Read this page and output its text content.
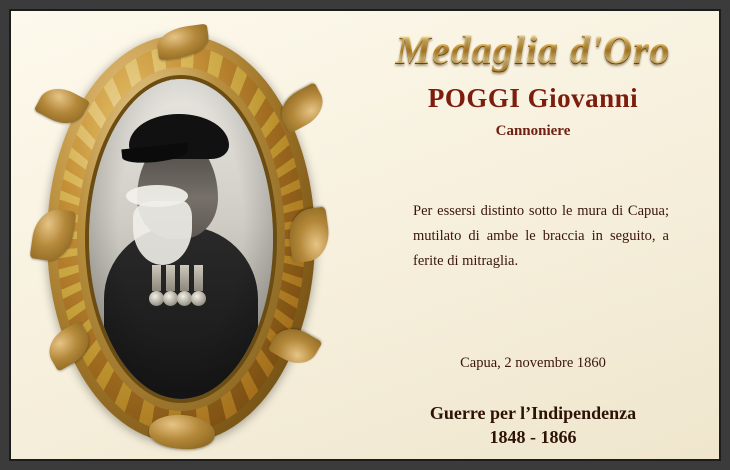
Medaglia d'Oro
POGGI Giovanni
Cannoniere
Per essersi distinto sotto le mura di Capua; mutilato di ambe le braccia in seguito, a ferite di mitraglia.
Capua, 2 novembre 1860
Guerre per l’Indipendenza
1848 - 1866
